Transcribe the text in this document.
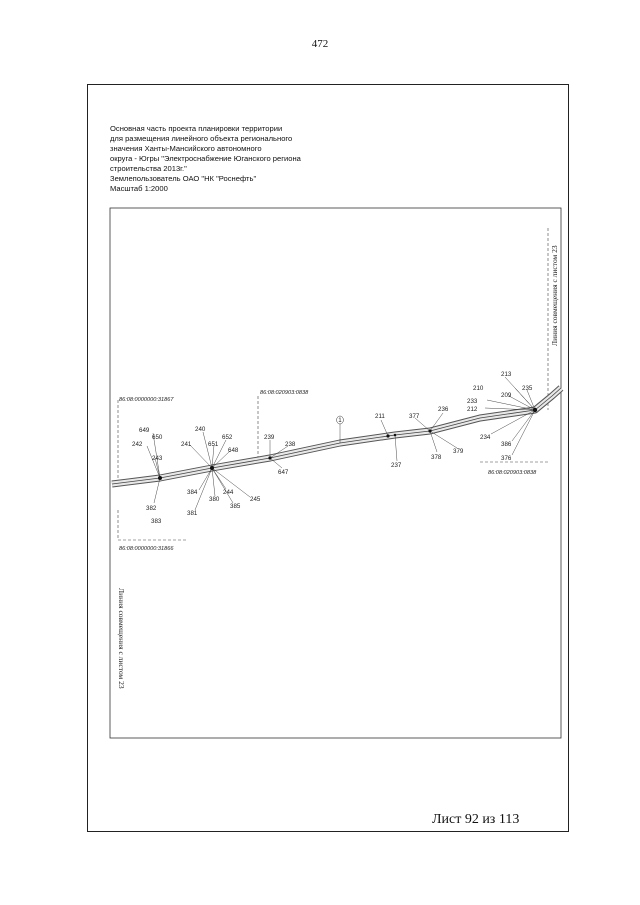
472
Основная часть проекта планировки территории
для размещения линейного объекта регионального
значения Ханты-Мансийского автономного
округа - Югры "Электроснабжение Юганского региона
строительства 2013г."
Землепользователь ОАО "НК "Роснефть"
Масштаб 1:2000
1
86:08:0000000:31867
86:08:020903:0838
86:08:020903:0838
86:08:0000000:31866
Линия совмещения с листом 23
Линия совмещения с листом 23
649
650
242
243
382
383
240
241	651
652
648
384
380
244
381
385
245
239
238
647
211	377
237
236
378
379
213
210	235
209
233
212
234
386
376
Лист 92 из 113
